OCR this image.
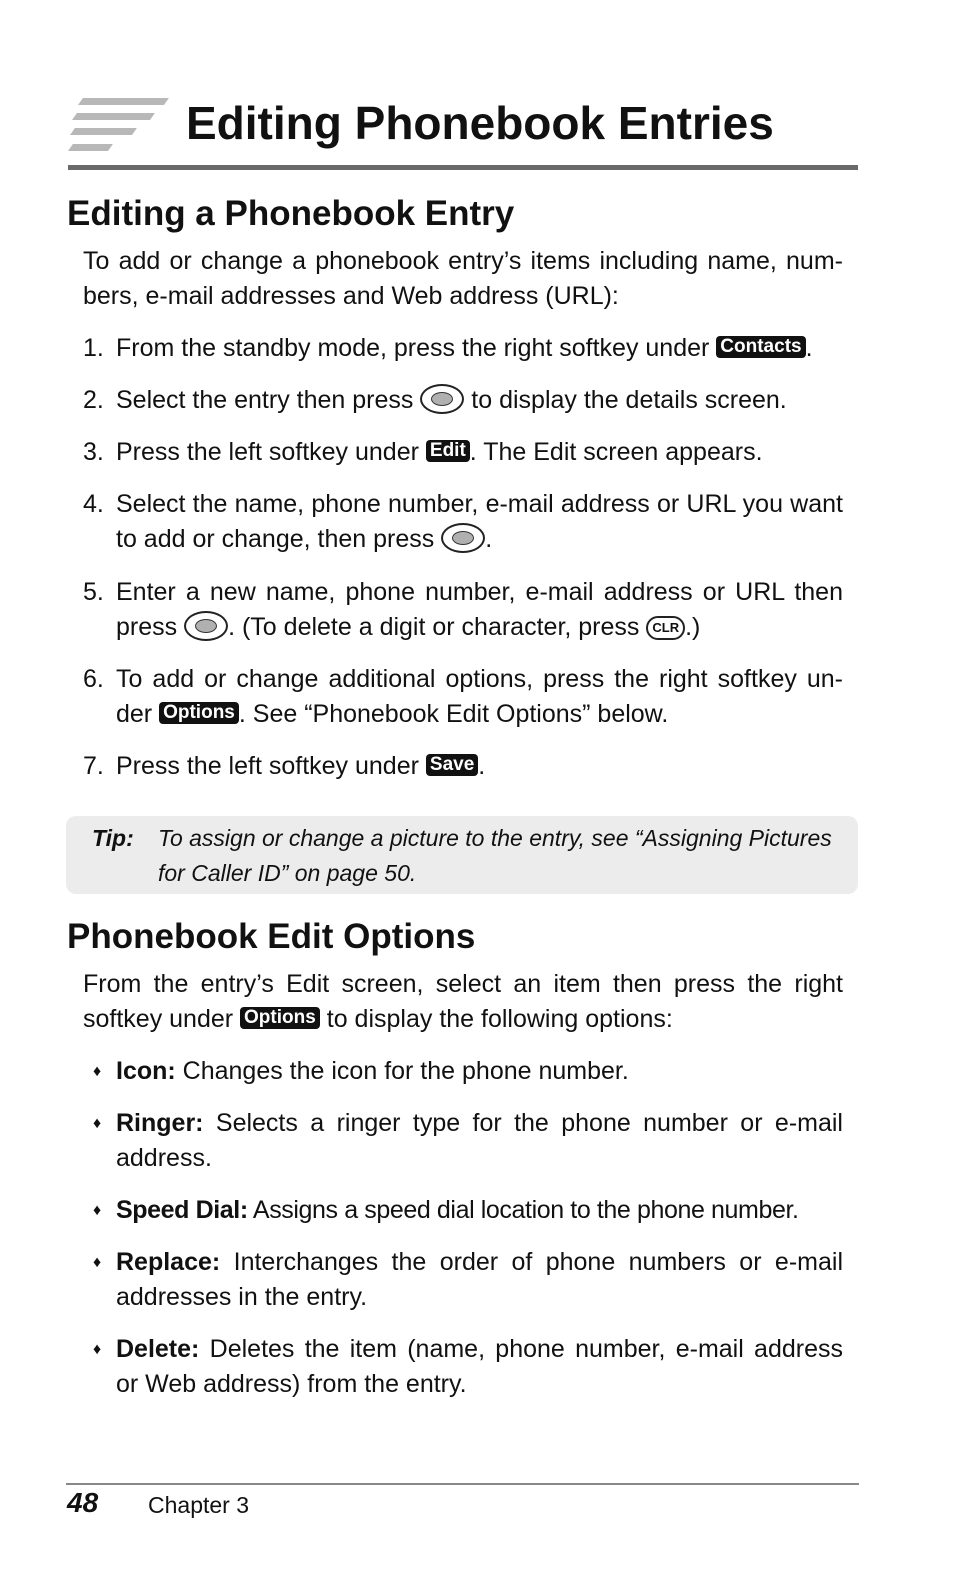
Editing Phonebook Entries
Editing a Phonebook Entry

To add or change a phonebook entry’s items including name, num-bers, e-mail addresses and Web address (URL):

1. From the standby mode, press the right softkey under Contacts .
2. Select the entry then press  to display the details screen.
3. Press the left softkey under Edit . The Edit screen appears.
4. Select the name, phone number, e-mail address or URL you want to add or change, then press .
5. Enter a new name, phone number, e-mail address or URL then press . (To delete a digit or character, press CLR .)
6. To add or change additional options, press the right softkey un-der Options . See “Phonebook Edit Options” below.
7. Press the left softkey under Save .
Tip: To assign or change a picture to the entry, see “Assigning Pictures for Caller ID” on page 50.
Phonebook Edit Options

From the entry’s Edit screen, select an item then press the right softkey under Options to display the following options:

♦ Icon: Changes the icon for the phone number.
♦ Ringer: Selects a ringer type for the phone number or e-mail address.
♦ Speed Dial: Assigns a speed dial location to the phone number.
♦ Replace: Interchanges the order of phone numbers or e-mail addresses in the entry.
♦ Delete: Deletes the item (name, phone number, e-mail address or Web address) from the entry.
48 Chapter 3
